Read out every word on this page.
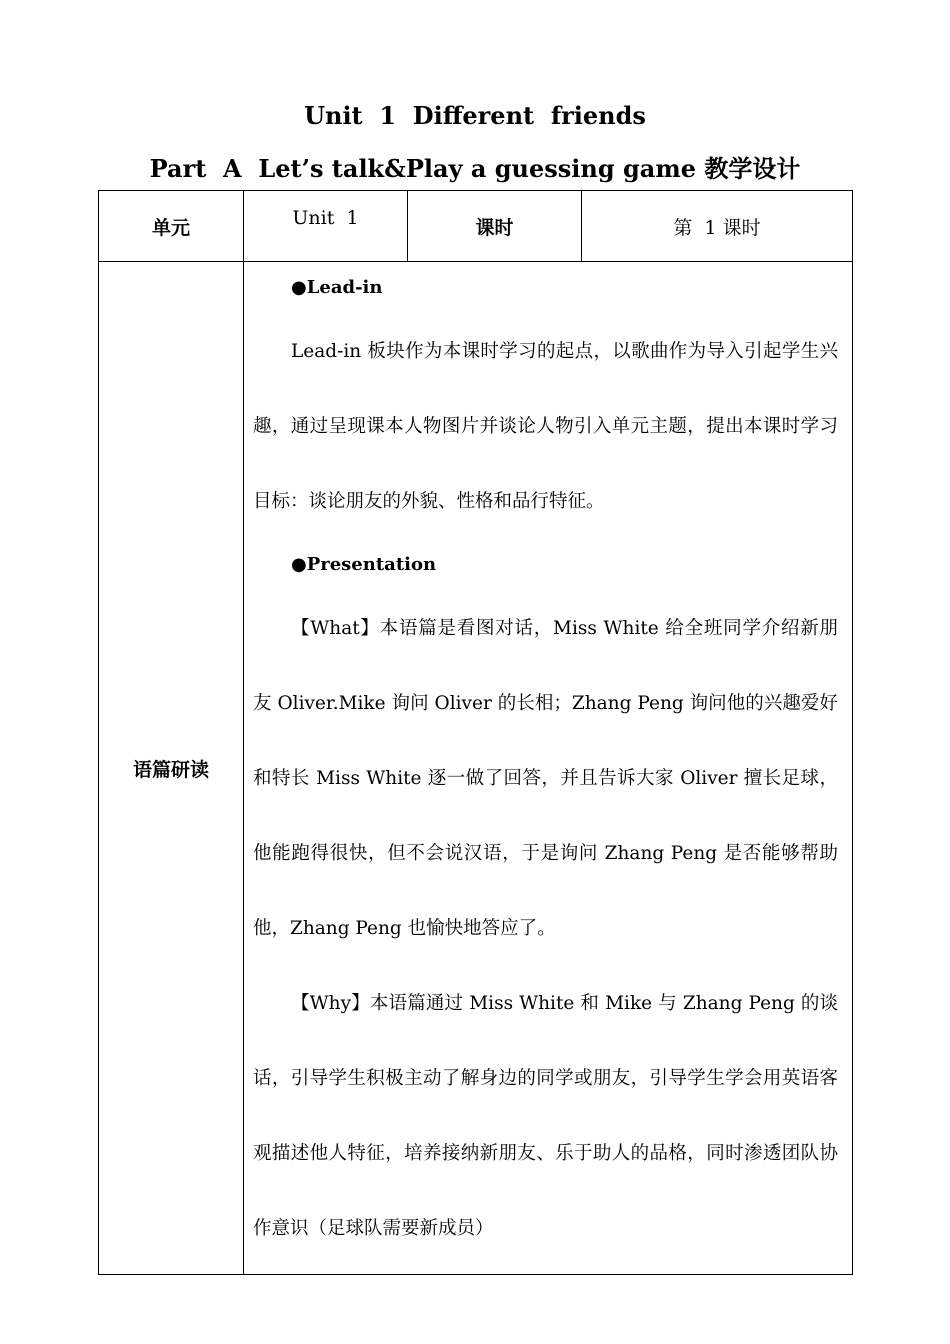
Unit  1  Different  friends
Part  A  Let’s talk&Play a guessing game 教学设计
单元	Unit  1	课时	第  1 课时
语篇研读	●Lead-in

Lead-in 板块作为本课时学习的起点，以歌曲作为导入引起学生兴趣，通过呈现课本人物图片并谈论人物引入单元主题，提出本课时学习目标：谈论朋友的外貌、性格和品行特征。

●Presentation

【What】本语篇是看图对话，Miss White 给全班同学介绍新朋友 Oliver.Mike 询问 Oliver 的长相；Zhang Peng 询问他的兴趣爱好和特长 Miss White 逐一做了回答，并且告诉大家 Oliver 擅长足球，他能跑得很快，但不会说汉语，于是询问 Zhang Peng 是否能够帮助他，Zhang Peng 也愉快地答应了。

【Why】本语篇通过 Miss White 和 Mike 与 Zhang Peng 的谈话，引导学生积极主动了解身边的同学或朋友，引导学生学会用英语客观描述他人特征，培养接纳新朋友、乐于助人的品格，同时渗透团队协作意识（足球队需要新成员）		
